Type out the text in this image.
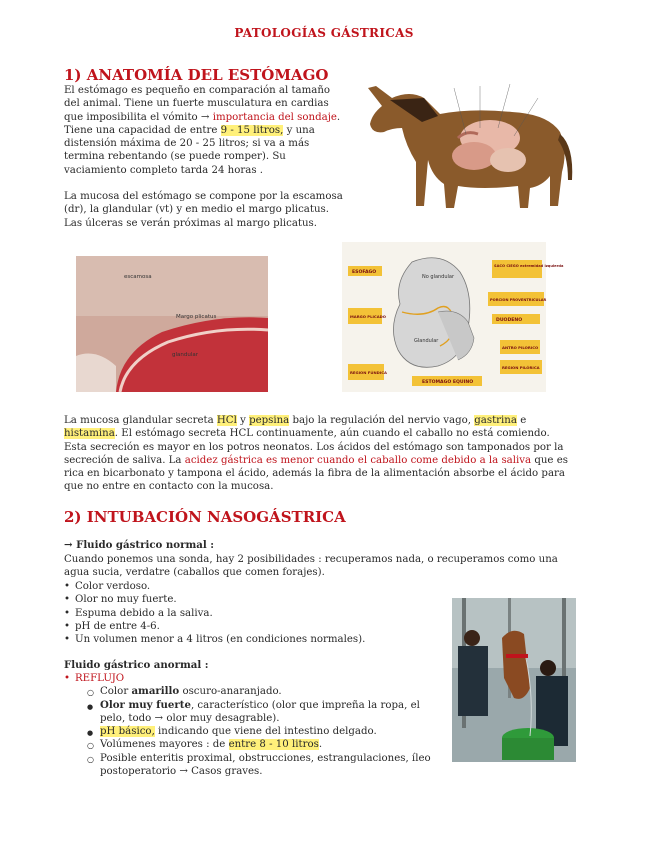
PATOLOGÍAS GÁSTRICAS
1) ANATOMÍA DEL ESTÓMAGO
El estómago es pequeño en comparación al tamaño del animal. Tiene un fuerte musculatura en cardias que imposibilita el vómito → importancia del sondaje. Tiene una capacidad de entre 9 - 15 litros, y una distensión máxima de 20 - 25 litros; si va a más termina rebentando (se puede romper). Su vaciamiento completo tarda 24 horas .
La mucosa del estómago se compone por la escamosa (dr), la glandular (vt) y en medio el margo plicatus. Las úlceras se verán próximas al margo plicatus.
escamosa
Margo plicatus
glandular
ESOFAGO
SACO CIEGO extremidad izquierda
PORCION PROVENTRICULAR
MARGO PLICADO
DUODENO
ANTRO PILORICO
REGION PILÓRICA
REGION FÚNDICA
ESTOMAGO EQUINO
No glandular
Glandular
La mucosa glandular secreta HCl y pepsina bajo la regulación del nervio vago, gastrina e histamina. El estómago secreta HCL continuamente, aún cuando el caballo no está comiendo. Esta secreción es mayor en los potros neonatos. Los ácidos del estómago son tamponados por la secreción de saliva. La acidez gástrica es menor cuando el caballo come debido a la saliva que es rica en bicarbonato y tampona el ácido, además la fibra de la alimentación absorbe el ácido para que no entre en contacto con la mucosa.
2) INTUBACIÓN NASOGÁSTRICA
→ Fluido gástrico normal :
Cuando ponemos una sonda, hay 2 posibilidades : recuperamos nada, o recuperamos como una agua sucia, verdatre (caballos que comen forajes).
• Color verdoso.
• Olor no muy fuerte.
• Espuma debido a la saliva.
• pH de entre 4-6.
• Un volumen menor a 4 litros (en condiciones normales).
Fluido gástrico anormal :
• REFLUJO
○ Color amarillo oscuro-anaranjado.
● Olor muy fuerte, característico (olor que impreña la ropa, el pelo, todo → olor muy desagrable).
● pH básico, indicando que viene del intestino delgado.
○ Volúmenes mayores : de entre 8 - 10 litros.
○ Posible enteritis proximal, obstrucciones, estrangulaciones, íleo postoperatorio → Casos graves.
